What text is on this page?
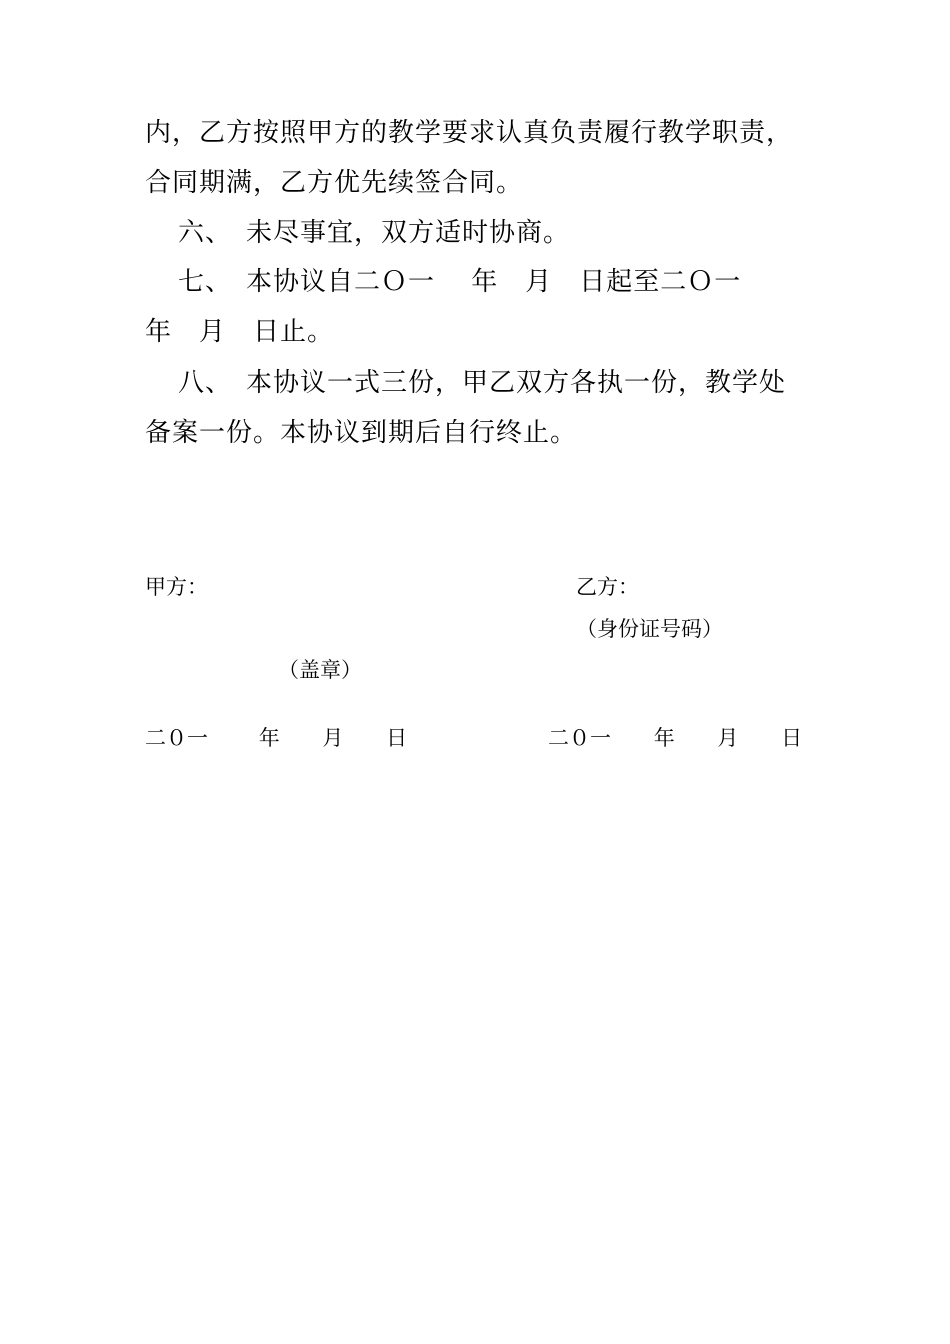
内，乙方按照甲方的教学要求认真负责履行教学职责，
合同期满，乙方优先续签合同。
六、　未尽事宜，双方适时协商。
七、　本协议自二Ｏ一　 年　月　日起至二Ｏ一
年　月　日止。
八、　本协议一式三份，甲乙双方各执一份，教学处
备案一份。本协议到期后自行终止。
甲方：	乙方：
（身份证号码）
（盖章）
二０一 年 月 日	二０一 年 月 日
